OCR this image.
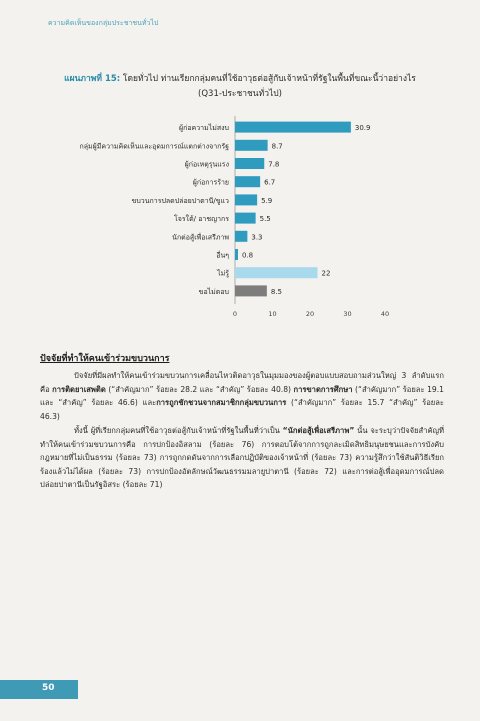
ความคิดเห็นของกลุ่มประชาชนทั่วไป
แผนภาพที่ 15: โดยทั่วไป ท่านเรียกกลุ่มคนที่ใช้อาวุธต่อสู้กับเจ้าหน้าที่รัฐในพื้นที่ขณะนี้ว่าอย่างไร
(Q31-ประชาชนทั่วไป)
ผู้ก่อความไม่สงบ	30.9
กลุ่มผู้มีความคิดเห็นและอุดมการณ์แตกต่างจากรัฐ	8.7
ผู้ก่อเหตุรุนแรง	7.8
ผู้ก่อการร้าย	6.7
ขบวนการปลดปล่อยปาตานี/ขูแว	5.9
โจรใต้/ อาชญากร	5.5
นักต่อสู้เพื่อเสรีภาพ	3.3
อื่นๆ 0.8
ไม่รู้	22
ขอไม่ตอบ	8.5
0	10	20	30	40
ปัจจัยที่ทำให้คนเข้าร่วมขบวนการ

ปัจจัยที่มีผลทำให้คนเข้าร่วมขบวนการเคลื่อนไหวติดอาวุธในมุมมองของผู้ตอบแบบสอบถามส่วนใหญ่ 3 ลำดับแรก คือ การติดยาเสพติด (“สำคัญมาก” ร้อยละ 28.2 และ “สำคัญ” ร้อยละ 40.8) การขาดการศึกษา (“สำคัญมาก” ร้อยละ 19.1 และ “สำคัญ” ร้อยละ 46.6) และการถูกชักชวนจากสมาชิกกลุ่มขบวนการ (“สำคัญมาก” ร้อยละ 15.7 “สำคัญ” ร้อยละ 46.3)

ทั้งนี้ ผู้ที่เรียกกลุ่มคนที่ใช้อาวุธต่อสู้กับเจ้าหน้าที่รัฐในพื้นที่ว่าเป็น “นักต่อสู้เพื่อเสรีภาพ” นั้น จะระบุว่าปัจจัยสำคัญที่ทำให้คนเข้าร่วมขบวนการคือ การปกป้องอิสลาม (ร้อยละ 76) การตอบโต้จากการถูกละเมิดสิทธิมนุษยชนและการบังคับกฎหมายที่ไม่เป็นธรรม (ร้อยละ 73) การถูกกดดันจากการเลือกปฏิบัติของเจ้าหน้าที่ (ร้อยละ 73) ความรู้สึกว่าใช้สันติวิธีเรียกร้องแล้วไม่ได้ผล (ร้อยละ 73) การปกป้องอัตลักษณ์วัฒนธรรมมลายูปาตานี (ร้อยละ 72) และการต่อสู้เพื่ออุดมการณ์ปลดปล่อยปาตานีเป็นรัฐอิสระ (ร้อยละ 71)

50
